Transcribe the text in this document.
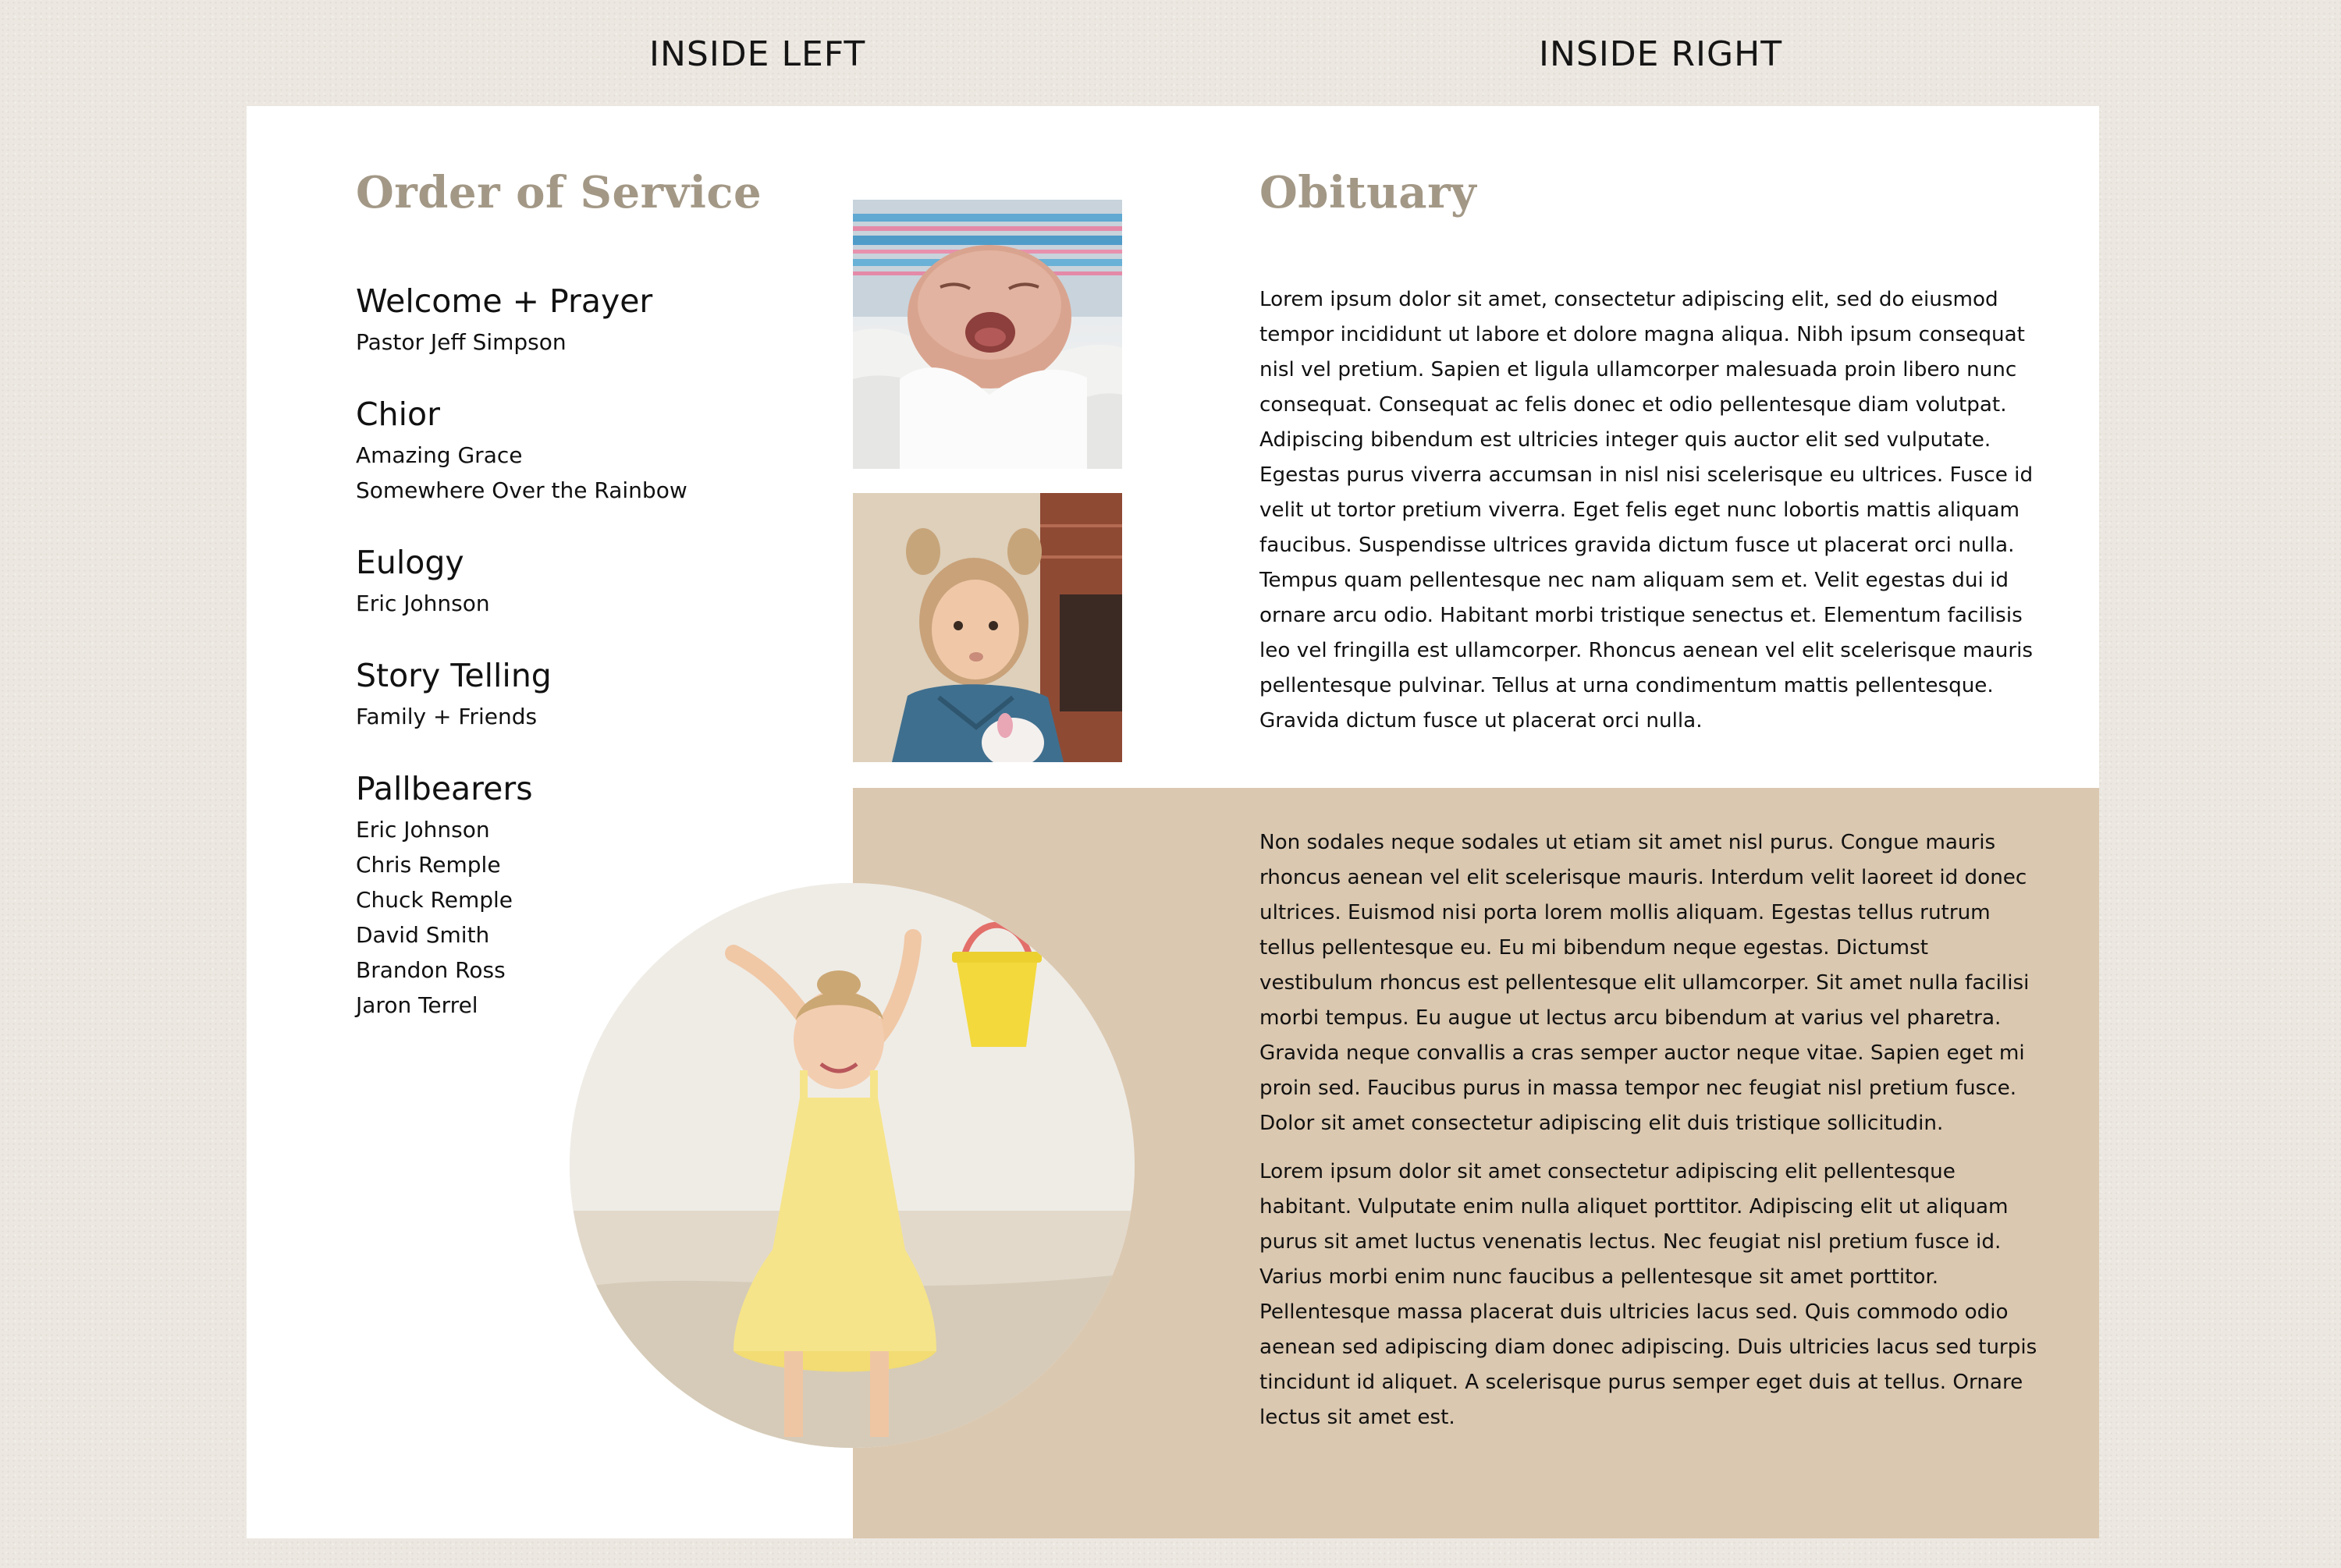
INSIDE LEFT	INSIDE RIGHT
Order of Service
Welcome + Prayer
Pastor Jeff Simpson
Chior
Amazing Grace
Somewhere Over the Rainbow
Eulogy
Eric Johnson
Story Telling
Family + Friends
Pallbearers
Eric Johnson
Chris Remple
Chuck Remple
David Smith
Brandon Ross
Jaron Terrel
Obituary
Lorem ipsum dolor sit amet, consectetur adipiscing elit, sed do eiusmod tempor incididunt ut labore et dolore magna aliqua. Nibh ipsum consequat nisl vel pretium. Sapien et ligula ullamcorper malesuada proin libero nunc consequat. Consequat ac felis donec et odio pellentesque diam volutpat. Adipiscing bibendum est ultricies integer quis auctor elit sed vulputate. Egestas purus viverra accumsan in nisl nisi scelerisque eu ultrices. Fusce id velit ut tortor pretium viverra. Eget felis eget nunc lobortis mattis aliquam faucibus. Suspendisse ultrices gravida dictum fusce ut placerat orci nulla. Tempus quam pellentesque nec nam aliquam sem et. Velit egestas dui id ornare arcu odio. Habitant morbi tristique senectus et. Elementum facilisis leo vel fringilla est ullamcorper. Rhoncus aenean vel elit scelerisque mauris pellentesque pulvinar. Tellus at urna condimentum mattis pellentesque. Gravida dictum fusce ut placerat orci nulla.
Non sodales neque sodales ut etiam sit amet nisl purus. Congue mauris rhoncus aenean vel elit scelerisque mauris. Interdum velit laoreet id donec ultrices. Euismod nisi porta lorem mollis aliquam. Egestas tellus rutrum tellus pellentesque eu. Eu mi bibendum neque egestas. Dictumst vestibulum rhoncus est pellentesque elit ullamcorper. Sit amet nulla facilisi morbi tempus. Eu augue ut lectus arcu bibendum at varius vel pharetra. Gravida neque convallis a cras semper auctor neque vitae. Sapien eget mi proin sed. Faucibus purus in massa tempor nec feugiat nisl pretium fusce. Dolor sit amet consectetur adipiscing elit duis tristique sollicitudin.
Lorem ipsum dolor sit amet consectetur adipiscing elit pellentesque habitant. Vulputate enim nulla aliquet porttitor. Adipiscing elit ut aliquam purus sit amet luctus venenatis lectus. Nec feugiat nisl pretium fusce id. Varius morbi enim nunc faucibus a pellentesque sit amet porttitor. Pellentesque massa placerat duis ultricies lacus sed. Quis commodo odio aenean sed adipiscing diam donec adipiscing. Duis ultricies lacus sed turpis tincidunt id aliquet. A scelerisque purus semper eget duis at tellus. Ornare lectus sit amet est.
